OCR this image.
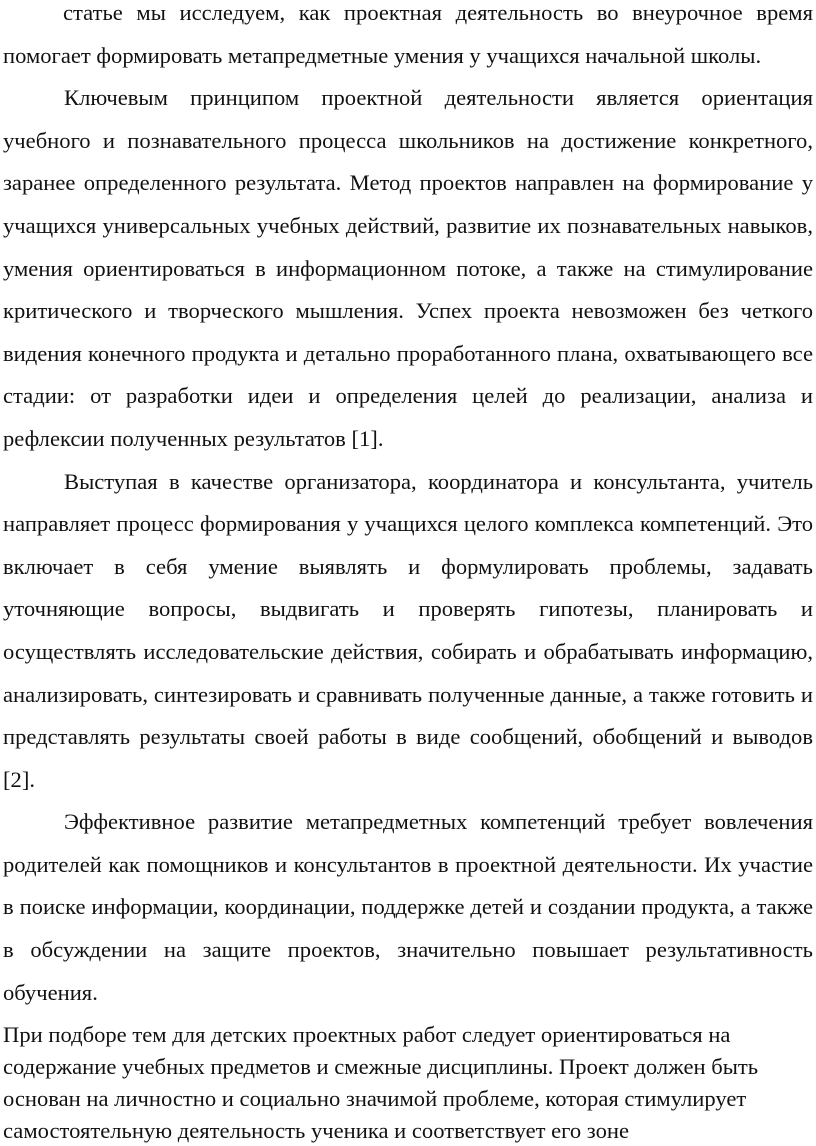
статье мы исследуем, как проектная деятельность во внеурочное время помогает формировать метапредметные умения у учащихся начальной школы.

Ключевым принципом проектной деятельности является ориентация учебного и познавательного процесса школьников на достижение конкретного, заранее определенного результата. Метод проектов направлен на формирование у учащихся универсальных учебных действий, развитие их познавательных навыков, умения ориентироваться в информационном потоке, а также на стимулирование критического и творческого мышления. Успех проекта невозможен без четкого видения конечного продукта и детально проработанного плана, охватывающего все стадии: от разработки идеи и определения целей до реализации, анализа и рефлексии полученных результатов [1].

Выступая в качестве организатора, координатора и консультанта, учитель направляет процесс формирования у учащихся целого комплекса компетенций. Это включает в себя умение выявлять и формулировать проблемы, задавать уточняющие вопросы, выдвигать и проверять гипотезы, планировать и осуществлять исследовательские действия, собирать и обрабатывать информацию, анализировать, синтезировать и сравнивать полученные данные, а также готовить и представлять результаты своей работы в виде сообщений, обобщений и выводов [2].

Эффективное развитие метапредметных компетенций требует вовлечения родителей как помощников и консультантов в проектной деятельности. Их участие в поиске информации, координации, поддержке детей и создании продукта, а также в обсуждении на защите проектов, значительно повышает результативность обучения.

При подборе тем для детских проектных работ следует ориентироваться на содержание учебных предметов и смежные дисциплины. Проект должен быть основан на личностно и социально значимой проблеме, которая стимулирует самостоятельную деятельность ученика и соответствует его зоне
